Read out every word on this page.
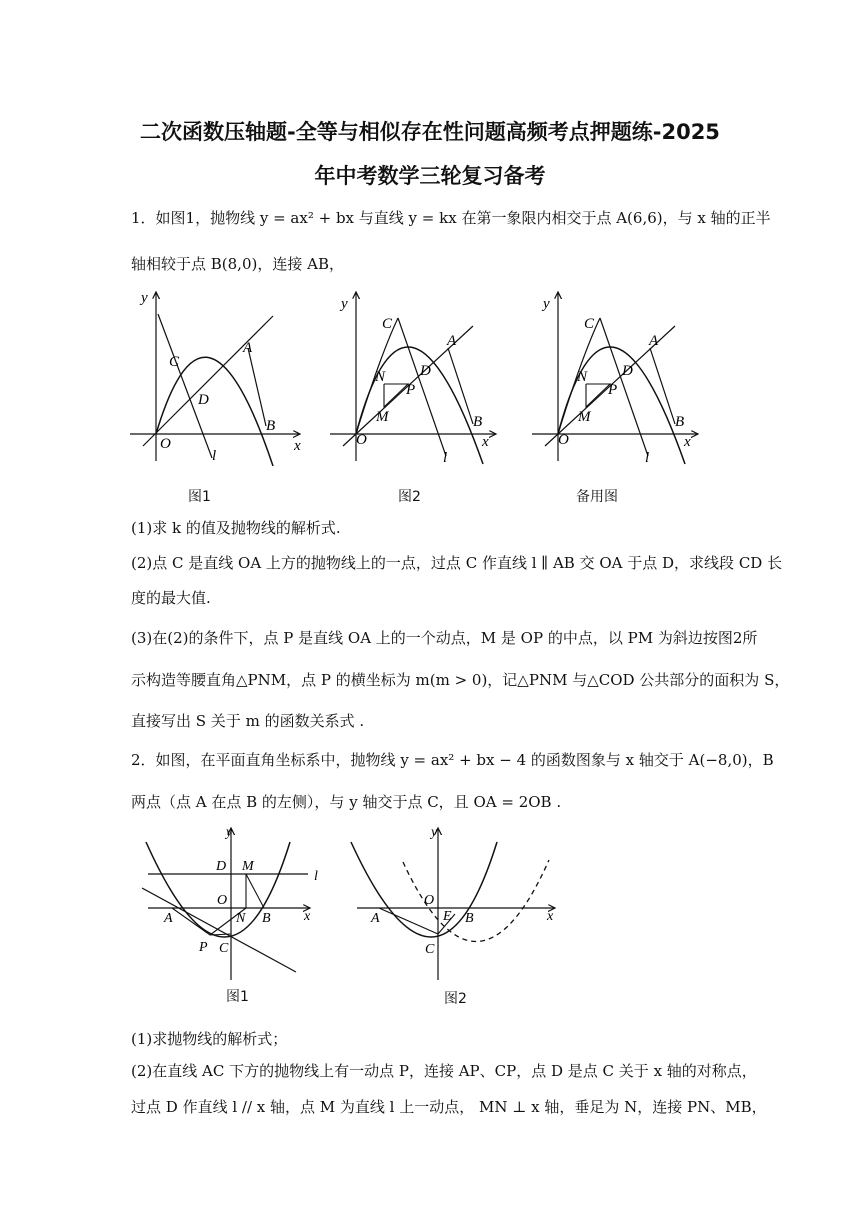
二次函数压轴题-全等与相似存在性问题高频考点押题练-2025
年中考数学三轮复习备考
1．如图1，抛物线 y = ax² + bx 与直线 y = kx 在第一象限内相交于点 A(6,6)，与 x 轴的正半
轴相较于点 B(8,0)，连接 AB，
y
x
O
A
B
C
D
l
图1
y
x
O
A
B
C
D
N
P
M
l
图2
y
x
O
A
B
C
D
N
P
M
l
备用图
(1)求 k 的值及抛物线的解析式.
(2)点 C 是直线 OA 上方的抛物线上的一点，过点 C 作直线 l ∥ AB 交 OA 于点 D，求线段 CD 长
度的最大值.
(3)在(2)的条件下，点 P 是直线 OA 上的一个动点，M 是 OP 的中点，以 PM 为斜边按图2所
示构造等腰直角△PNM，点 P 的横坐标为 m(m > 0)，记△PNM 与△COD 公共部分的面积为 S，
直接写出 S 关于 m 的函数关系式 .
2．如图，在平面直角坐标系中，抛物线 y = ax² + bx − 4 的函数图象与 x 轴交于 A(−8,0)，B
两点（点 A 在点 B 的左侧），与 y 轴交于点 C，且 OA = 2OB .
y
x
D M
l
O
A	N B
P C
图1
y
x
O
A	E B
C
图2
(1)求抛物线的解析式；
(2)在直线 AC 下方的抛物线上有一动点 P，连接 AP、CP，点 D 是点 C 关于 x 轴的对称点，
过点 D 作直线 l // x 轴，点 M 为直线 l 上一动点， MN ⊥ x 轴，垂足为 N，连接 PN、MB，
